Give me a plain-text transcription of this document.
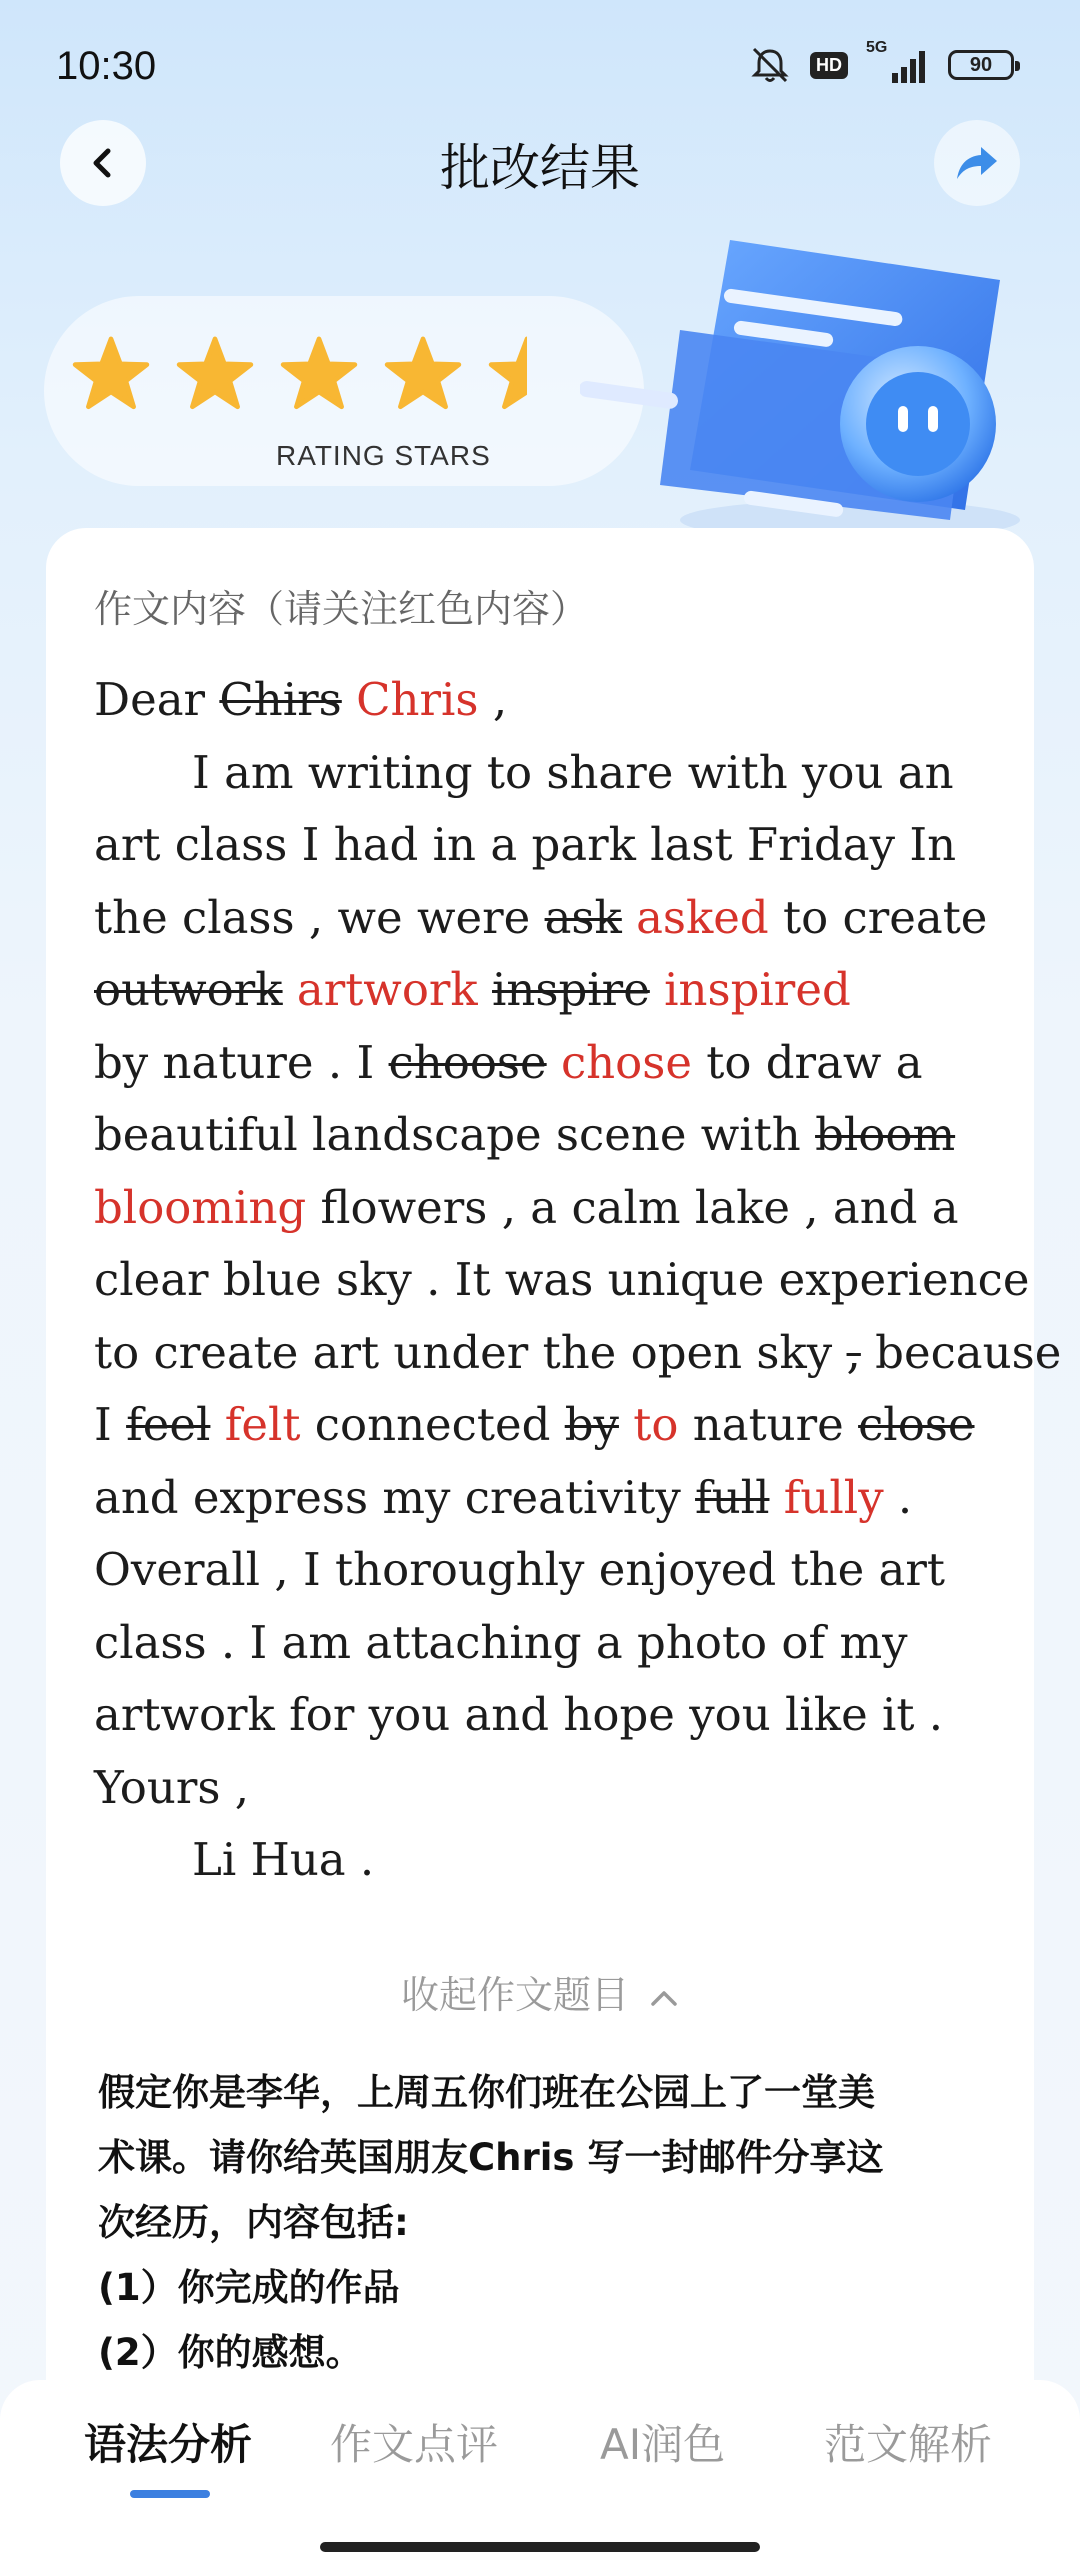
10:30	HD
5G
90
批改结果
RATING STARS
作文内容（请关注红色内容）
Dear Chirs Chris ,
I am writing to share with you an
art class I had in a park last Friday In
the class , we were ask asked to create
outwork artwork inspire inspired
by nature . I choose chose to draw a
beautiful landscape scene with bloom
blooming flowers , a calm lake , and a
clear blue sky . It was unique experience
to create art under the open sky , because
I feel felt connected by to nature close
and express my creativity full fully .
Overall , I thoroughly enjoyed the art
class . I am attaching a photo of my
artwork for you and hope you like it .
Yours ,
Li Hua .
收起作文题目
假定你是李华，上周五你们班在公园上了一堂美
术课。请你给英国朋友Chris 写一封邮件分享这
次经历，内容包括:
(1）你完成的作品
(2）你的感想。
语法分析 作文点评 AI润色 范文解析
